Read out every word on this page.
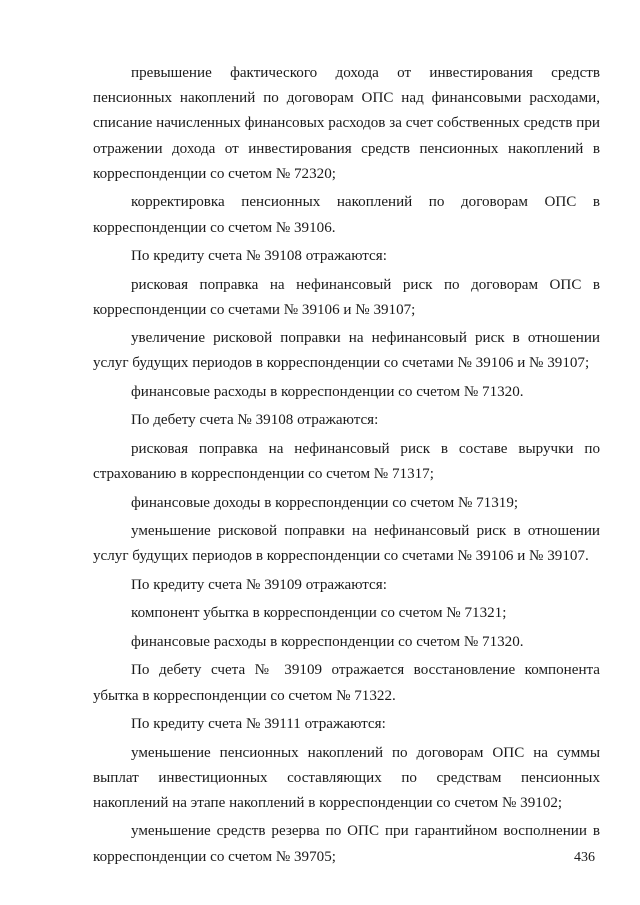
превышение фактического дохода от инвестирования средств пенсионных накоплений по договорам ОПС над финансовыми расходами, списание начисленных финансовых расходов за счет собственных средств при отражении дохода от инвестирования средств пенсионных накоплений в корреспонденции со счетом № 72320;

корректировка пенсионных накоплений по договорам ОПС в корреспонденции со счетом № 39106.

По кредиту счета № 39108 отражаются:

рисковая поправка на нефинансовый риск по договорам ОПС в корреспонденции со счетами № 39106 и № 39107;

увеличение рисковой поправки на нефинансовый риск в отношении услуг будущих периодов в корреспонденции со счетами № 39106 и № 39107;

финансовые расходы в корреспонденции со счетом № 71320.

По дебету счета № 39108 отражаются:

рисковая поправка на нефинансовый риск в составе выручки по страхованию в корреспонденции со счетом № 71317;

финансовые доходы в корреспонденции со счетом № 71319;

уменьшение рисковой поправки на нефинансовый риск в отношении услуг будущих периодов в корреспонденции со счетами № 39106 и № 39107.

По кредиту счета № 39109 отражаются:

компонент убытка в корреспонденции со счетом № 71321;

финансовые расходы в корреспонденции со счетом № 71320.

По дебету счета № 39109 отражается восстановление компонента убытка в корреспонденции со счетом № 71322.

По кредиту счета № 39111 отражаются:

уменьшение пенсионных накоплений по договорам ОПС на суммы выплат инвестиционных составляющих по средствам пенсионных накоплений на этапе накоплений в корреспонденции со счетом № 39102;

уменьшение средств резерва по ОПС при гарантийном восполнении в корреспонденции со счетом № 39705;	436
